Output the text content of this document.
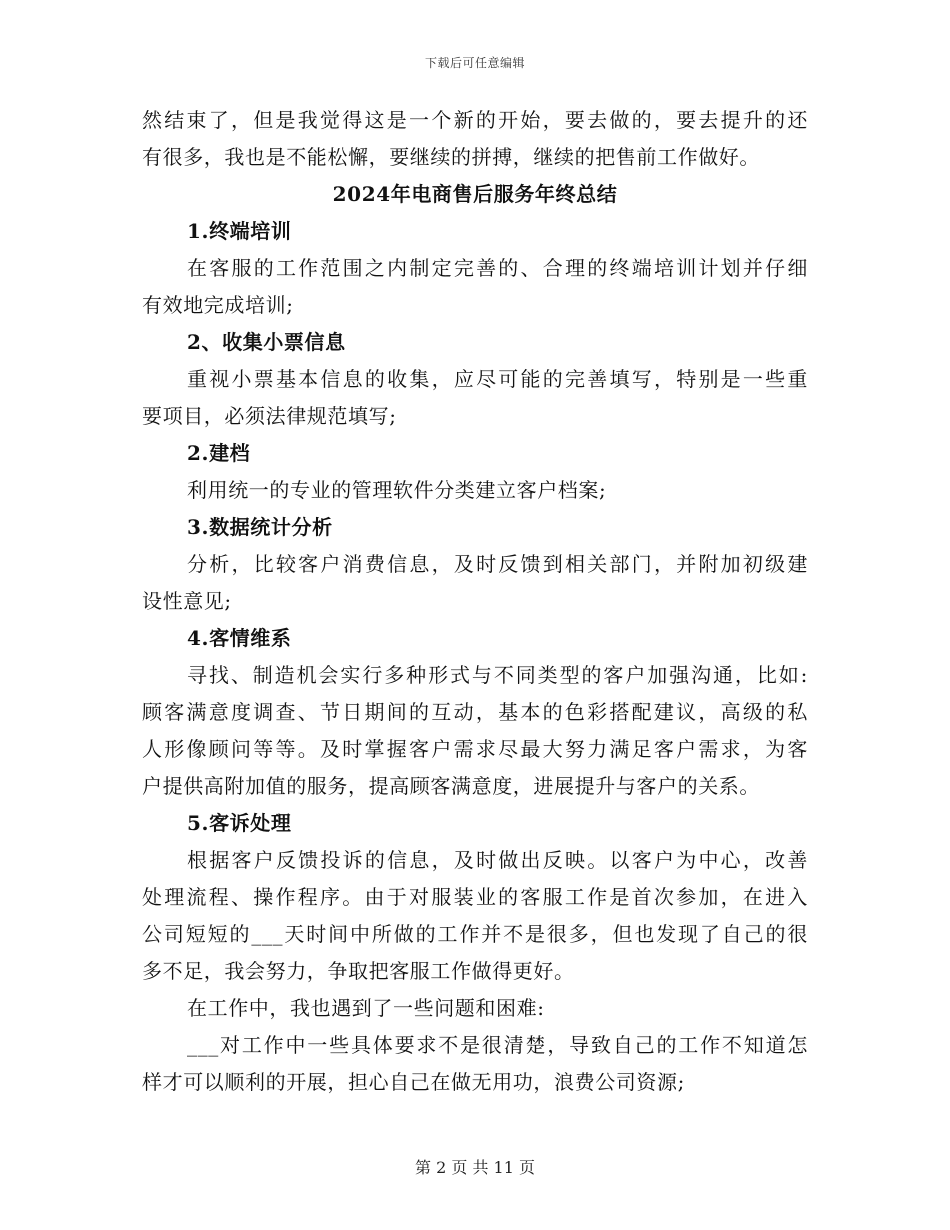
下载后可任意编辑
然结束了，但是我觉得这是一个新的开始，要去做的，要去提升的还
有很多，我也是不能松懈，要继续的拼搏，继续的把售前工作做好。
2024年电商售后服务年终总结
1.终端培训
在客服的工作范围之内制定完善的、合理的终端培训计划并仔细
有效地完成培训;
2、收集小票信息
重视小票基本信息的收集，应尽可能的完善填写，特别是一些重
要项目，必须法律规范填写;
2.建档
利用统一的专业的管理软件分类建立客户档案;
3.数据统计分析
分析，比较客户消费信息，及时反馈到相关部门，并附加初级建
设性意见;
4.客情维系
寻找、制造机会实行多种形式与不同类型的客户加强沟通，比如:
顾客满意度调查、节日期间的互动，基本的色彩搭配建议，高级的私
人形像顾问等等。及时掌握客户需求尽最大努力满足客户需求，为客
户提供高附加值的服务，提高顾客满意度，进展提升与客户的关系。
5.客诉处理
根据客户反馈投诉的信息，及时做出反映。以客户为中心，改善
处理流程、操作程序。由于对服装业的客服工作是首次参加，在进入
公司短短的___天时间中所做的工作并不是很多，但也发现了自己的很
多不足，我会努力，争取把客服工作做得更好。
在工作中，我也遇到了一些问题和困难:
___对工作中一些具体要求不是很清楚，导致自己的工作不知道怎
样才可以顺利的开展，担心自己在做无用功，浪费公司资源;
第 2 页 共 11 页
